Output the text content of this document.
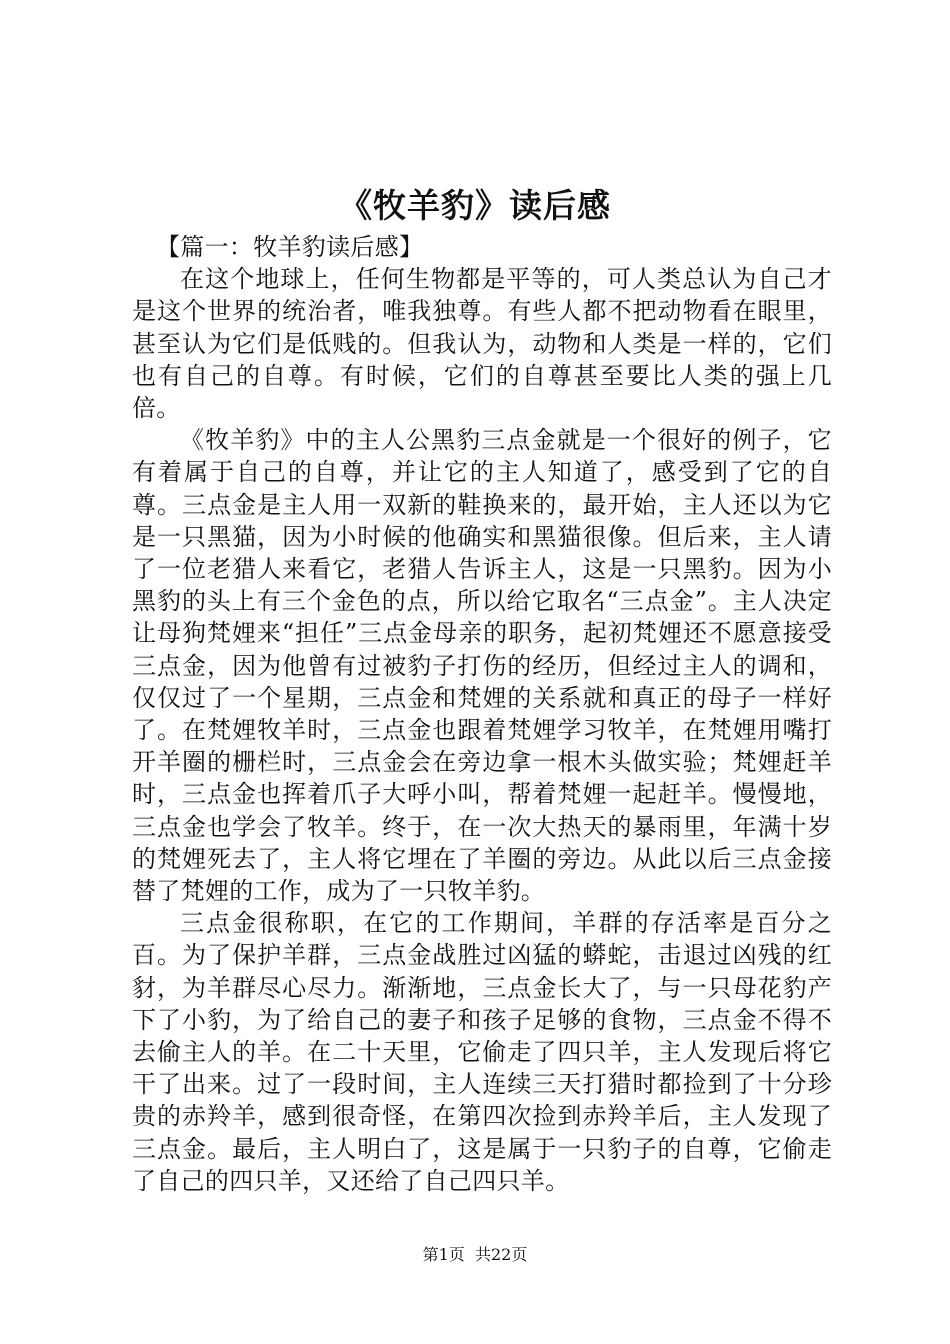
《牧羊豹》读后感

【篇一：牧羊豹读后感】

在这个地球上，任何生物都是平等的，可人类总认为自己才是这个世界的统治者，唯我独尊。有些人都不把动物看在眼里，甚至认为它们是低贱的。但我认为，动物和人类是一样的，它们也有自己的自尊。有时候，它们的自尊甚至要比人类的强上几倍。

《牧羊豹》中的主人公黑豹三点金就是一个很好的例子，它有着属于自己的自尊，并让它的主人知道了，感受到了它的自尊。三点金是主人用一双新的鞋换来的，最开始，主人还以为它是一只黑猫，因为小时候的他确实和黑猫很像。但后来，主人请了一位老猎人来看它，老猎人告诉主人，这是一只黑豹。因为小黑豹的头上有三个金色的点，所以给它取名“三点金”。主人决定让母狗梵娌来“担任”三点金母亲的职务，起初梵娌还不愿意接受三点金，因为他曾有过被豹子打伤的经历，但经过主人的调和，仅仅过了一个星期，三点金和梵娌的关系就和真正的母子一样好了。在梵娌牧羊时，三点金也跟着梵娌学习牧羊，在梵娌用嘴打开羊圈的栅栏时，三点金会在旁边拿一根木头做实验；梵娌赶羊时，三点金也挥着爪子大呼小叫，帮着梵娌一起赶羊。慢慢地，三点金也学会了牧羊。终于，在一次大热天的暴雨里，年满十岁的梵娌死去了，主人将它埋在了羊圈的旁边。从此以后三点金接替了梵娌的工作，成为了一只牧羊豹。

三点金很称职，在它的工作期间，羊群的存活率是百分之百。为了保护羊群，三点金战胜过凶猛的蟒蛇，击退过凶残的红豺，为羊群尽心尽力。渐渐地，三点金长大了，与一只母花豹产下了小豹，为了给自己的妻子和孩子足够的食物，三点金不得不去偷主人的羊。在二十天里，它偷走了四只羊，主人发现后将它干了出来。过了一段时间，主人连续三天打猎时都捡到了十分珍贵的赤羚羊，感到很奇怪，在第四次捡到赤羚羊后，主人发现了三点金。最后，主人明白了，这是属于一只豹子的自尊，它偷走了自己的四只羊，又还给了自己四只羊。

第1页 共22页
